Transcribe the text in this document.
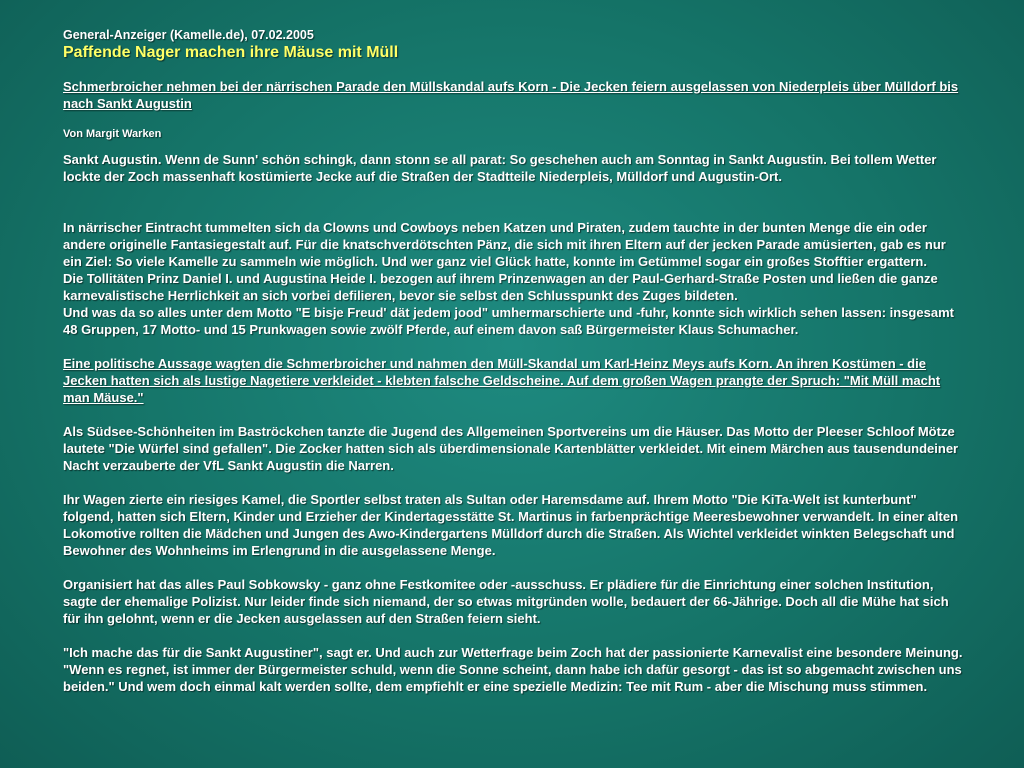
General-Anzeiger (Kamelle.de), 07.02.2005

Paffende Nager machen ihre Mäuse mit Müll

Schmerbroicher nehmen bei der närrischen Parade den Müllskandal aufs Korn - Die Jecken feiern ausgelassen von Niederpleis über Mülldorf bis nach Sankt Augustin

Von Margit Warken

Sankt Augustin. Wenn de Sunn' schön schingk, dann stonn se all parat: So geschehen auch am Sonntag in Sankt Augustin. Bei tollem Wetter lockte der Zoch massenhaft kostümierte Jecke auf die Straßen der Stadtteile Niederpleis, Mülldorf und Augustin-Ort.

In närrischer Eintracht tummelten sich da Clowns und Cowboys neben Katzen und Piraten, zudem tauchte in der bunten Menge die ein oder andere originelle Fantasiegestalt auf. Für die knatschverdötschten Pänz, die sich mit ihren Eltern auf der jecken Parade amüsierten, gab es nur ein Ziel: So viele Kamelle zu sammeln wie möglich. Und wer ganz viel Glück hatte, konnte im Getümmel sogar ein großes Stofftier ergattern.

Die Tollitäten Prinz Daniel I. und Augustina Heide I. bezogen auf ihrem Prinzenwagen an der Paul-Gerhard-Straße Posten und ließen die ganze karnevalistische Herrlichkeit an sich vorbei defilieren, bevor sie selbst den Schlusspunkt des Zuges bildeten.

Und was da so alles unter dem Motto "E bisje Freud' dät jedem jood" umhermarschierte und -fuhr, konnte sich wirklich sehen lassen: insgesamt 48 Gruppen, 17 Motto- und 15 Prunkwagen sowie zwölf Pferde, auf einem davon saß Bürgermeister Klaus Schumacher.

Eine politische Aussage wagten die Schmerbroicher und nahmen den Müll-Skandal um Karl-Heinz Meys aufs Korn. An ihren Kostümen - die Jecken hatten sich als lustige Nagetiere verkleidet - klebten falsche Geldscheine. Auf dem großen Wagen prangte der Spruch: "Mit Müll macht man Mäuse."

Als Südsee-Schönheiten im Baströckchen tanzte die Jugend des Allgemeinen Sportvereins um die Häuser. Das Motto der Pleeser Schloof Mötze lautete "Die Würfel sind gefallen". Die Zocker hatten sich als überdimensionale Kartenblätter verkleidet. Mit einem Märchen aus tausendundeiner Nacht verzauberte der VfL Sankt Augustin die Narren.

Ihr Wagen zierte ein riesiges Kamel, die Sportler selbst traten als Sultan oder Haremsdame auf. Ihrem Motto "Die KiTa-Welt ist kunterbunt" folgend, hatten sich Eltern, Kinder und Erzieher der Kindertagesstätte St. Martinus in farbenprächtige Meeresbewohner verwandelt. In einer alten Lokomotive rollten die Mädchen und Jungen des Awo-Kindergartens Mülldorf durch die Straßen. Als Wichtel verkleidet winkten Belegschaft und Bewohner des Wohnheims im Erlengrund in die ausgelassene Menge.

Organisiert hat das alles Paul Sobkowsky - ganz ohne Festkomitee oder -ausschuss. Er plädiere für die Einrichtung einer solchen Institution, sagte der ehemalige Polizist. Nur leider finde sich niemand, der so etwas mitgründen wolle, bedauert der 66-Jährige. Doch all die Mühe hat sich für ihn gelohnt, wenn er die Jecken ausgelassen auf den Straßen feiern sieht.

"Ich mache das für die Sankt Augustiner", sagt er. Und auch zur Wetterfrage beim Zoch hat der passionierte Karnevalist eine besondere Meinung. "Wenn es regnet, ist immer der Bürgermeister schuld, wenn die Sonne scheint, dann habe ich dafür gesorgt - das ist so abgemacht zwischen uns beiden." Und wem doch einmal kalt werden sollte, dem empfiehlt er eine spezielle Medizin: Tee mit Rum - aber die Mischung muss stimmen.
